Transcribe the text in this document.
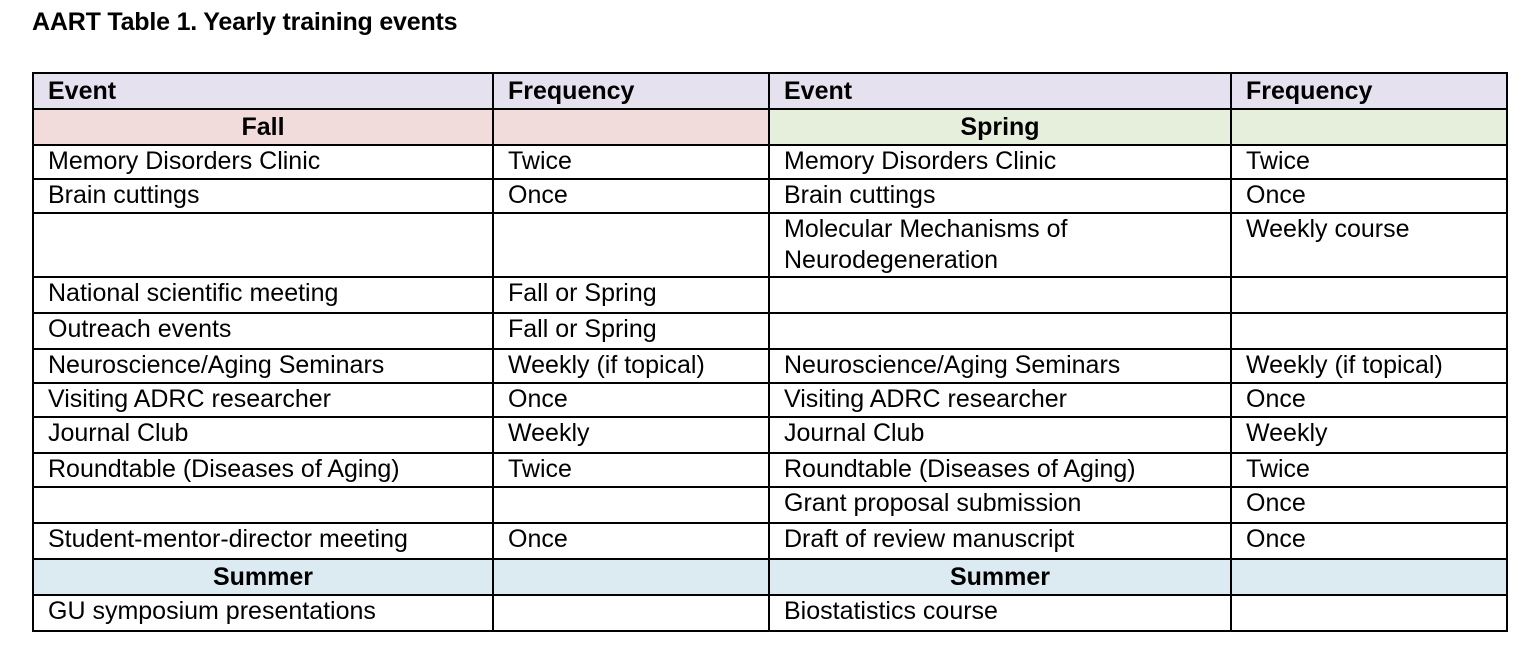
AART Table 1. Yearly training events
Event	Frequency	Event	Frequency
Fall		Spring	
Memory Disorders Clinic	Twice	Memory Disorders Clinic	Twice
Brain cuttings	Once	Brain cuttings	Once
		Molecular Mechanisms of Neurodegeneration	Weekly course
National scientific meeting	Fall or Spring		
Outreach events	Fall or Spring		
Neuroscience/Aging Seminars	Weekly (if topical)	Neuroscience/Aging Seminars	Weekly (if topical)
Visiting ADRC researcher	Once	Visiting ADRC researcher	Once
Journal Club	Weekly	Journal Club	Weekly
Roundtable (Diseases of Aging)	Twice	Roundtable (Diseases of Aging)	Twice
		Grant proposal submission	Once
Student-mentor-director meeting	Once	Draft of review manuscript	Once
Summer		Summer	
GU symposium presentations		Biostatistics course	
